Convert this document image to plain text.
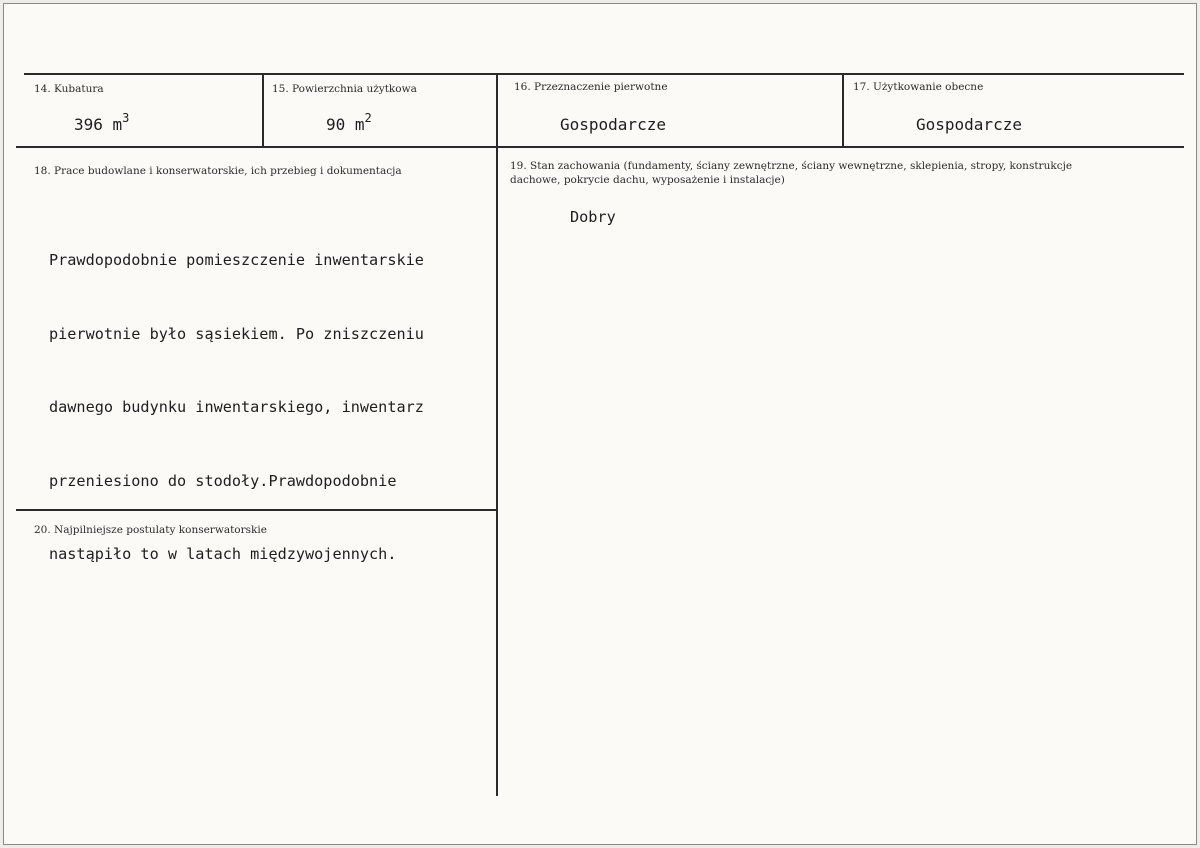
14. Kubatura
396 $m^3$
15. Powierzchnia użytkowa
90 $m^2$
16. Przeznaczenie pierwotne
Gospodarcze
17. Użytkowanie obecne
Gospodarcze
18. Prace budowlane i konserwatorskie, ich przebieg i dokumentacja

Prawdopodobnie pomieszczenie inwentarskie

pierwotnie było sąsiekiem. Po zniszczeniu

dawnego budynku inwentarskiego, inwentarz

przeniesiono do stodoły.Prawdopodobnie

nastąpiło to w latach międzywojennych.

19. Stan zachowania (fundamenty, ściany zewnętrzne, ściany wewnętrzne, sklepienia, stropy, konstrukcje dachowe, pokrycie dachu, wyposażenie i instalacje)
Dobry
20. Najpilniejsze postulaty konserwatorskie
